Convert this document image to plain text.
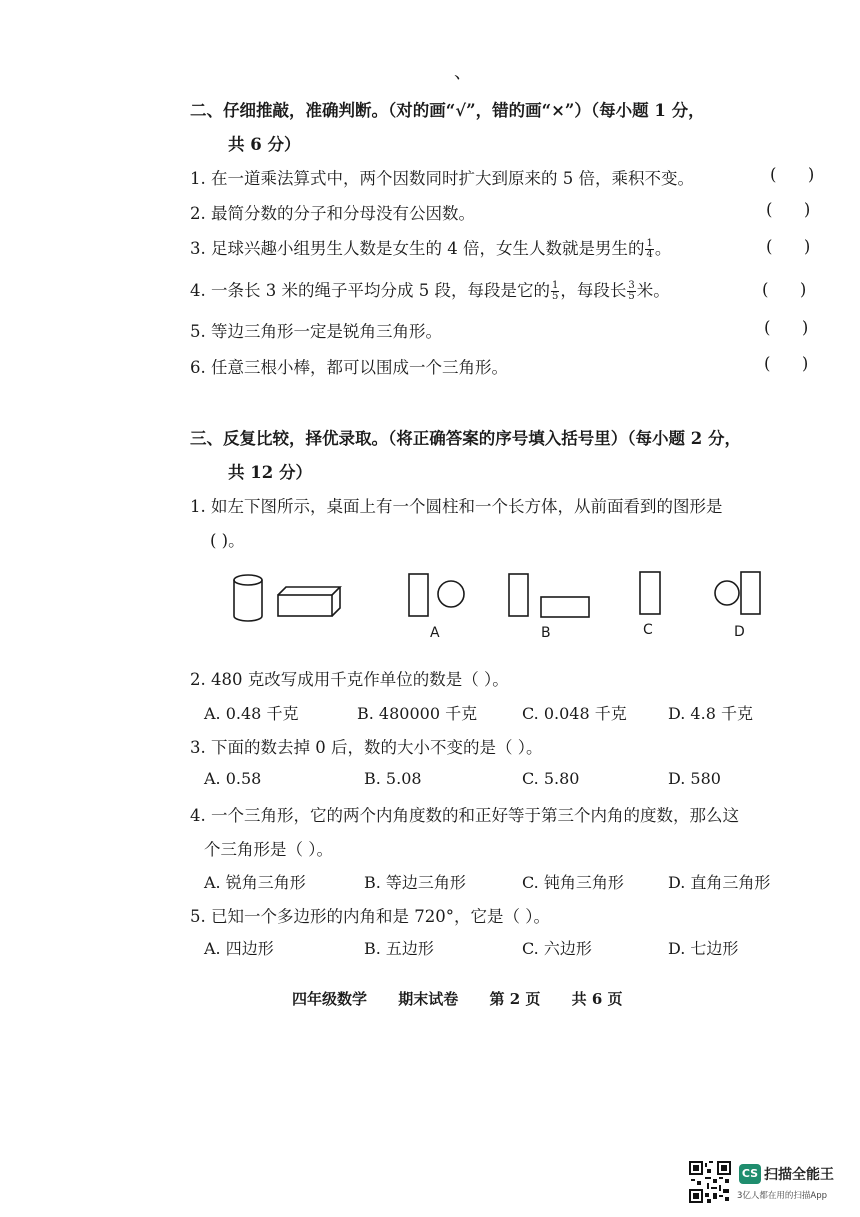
、
二、仔细推敲，准确判断。（对的画“√”，错的画“×”）（每小题 1 分，
共 6 分）
1. 在一道乘法算式中，两个因数同时扩大到原来的 5 倍，乘积不变。	(      )
2. 最简分数的分子和分母没有公因数。	(      )
3. 足球兴趣小组男生人数是女生的 4 倍，女生人数就是男生的 $\frac{1}{4}$ 。	(      )
4. 一条长 3 米的绳子平均分成 5 段，每段是它的 $\frac{1}{5}$ ，每段长 $\frac{3}{5}$ 米。	(      )
5. 等边三角形一定是锐角三角形。	(      )
6. 任意三根小棒，都可以围成一个三角形。	(      )
三、反复比较，择优录取。（将正确答案的序号填入括号里）（每小题 2 分，
共 12 分）
1. 如左下图所示，桌面上有一个圆柱和一个长方体，从前面看到的图形是
( )。
A	B	C	D
2. 480 克改写成用千克作单位的数是（ ）。
A. 0.48 千克	B. 480000 千克	C. 0.048 千克	D. 4.8 千克
3. 下面的数去掉 0 后，数的大小不变的是（ ）。
A. 0.58	B. 5.08	C. 5.80	D. 580
4. 一个三角形，它的两个内角度数的和正好等于第三个内角的度数，那么这
个三角形是（ ）。
A. 锐角三角形	B. 等边三角形	C. 钝角三角形	D. 直角三角形
5. 已知一个多边形的内角和是 720°，它是（ ）。
A. 四边形	B. 五边形	C. 六边形	D. 七边形
四年级数学 期末试卷 第 2 页 共 6 页
CS 扫描全能王
3亿人都在用的扫描App
